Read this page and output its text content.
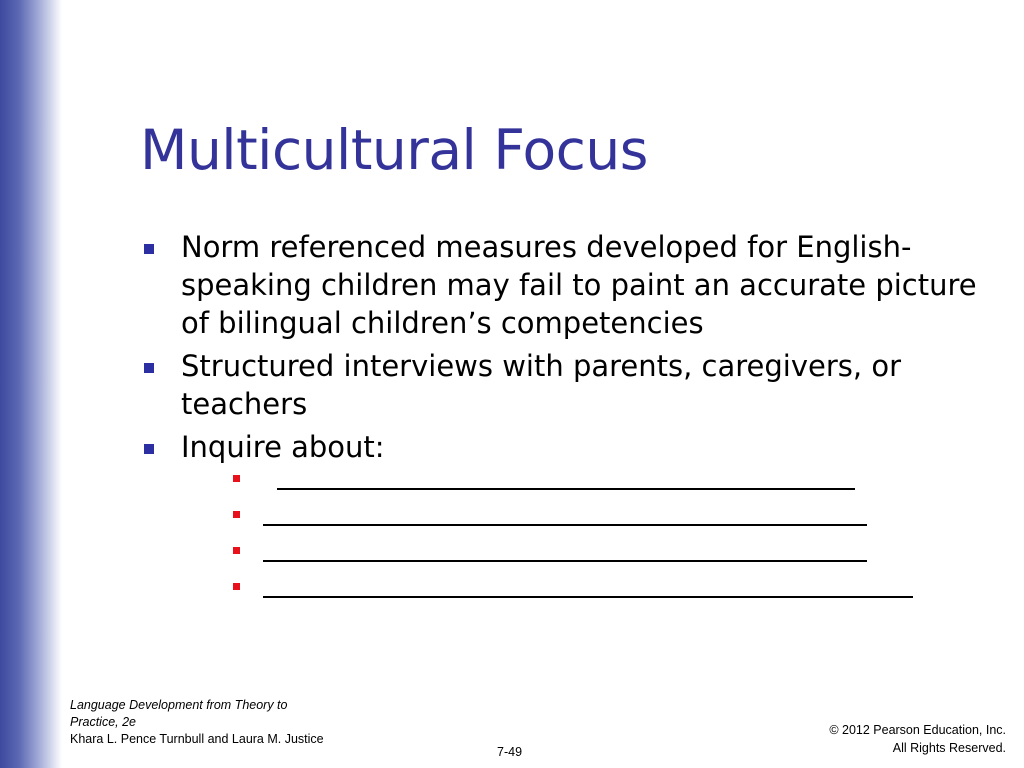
Multicultural Focus
Norm referenced measures developed for English-speaking children may fail to paint an accurate picture of bilingual children’s competencies
Structured interviews with parents, caregivers, or teachers
Inquire about:
Language Development from Theory to Practice, 2e
Khara L. Pence Turnbull and Laura M. Justice
7-49
© 2012 Pearson Education, Inc.
All Rights Reserved.
